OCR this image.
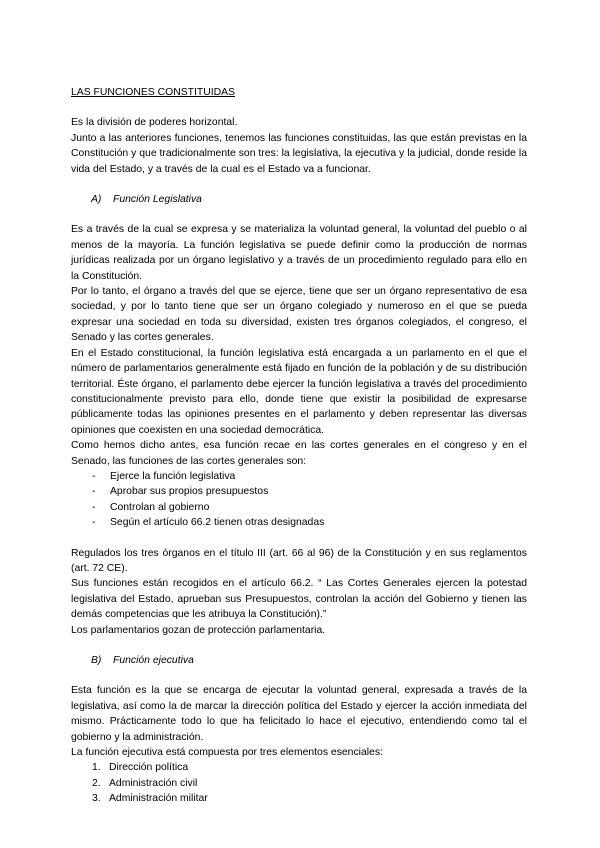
LAS FUNCIONES CONSTITUIDAS

Es la división de poderes horizontal.

Junto a las anteriores funciones, tenemos las funciones constituidas, las que están previstas en la Constitución y que tradicionalmente son tres: la legislativa, la ejecutiva y la judicial, donde reside la vida del Estado, y a través de la cual es el Estado va a funcionar.

A) Función Legislativa

Es a través de la cual se expresa y se materializa la voluntad general, la voluntad del pueblo o al menos de la mayoría. La función legislativa se puede definir como la producción de normas jurídicas realizada por un órgano legislativo y a través de un procedimiento regulado para ello en la Constitución.

Por lo tanto, el órgano a través del que se ejerce, tiene que ser un órgano representativo de esa sociedad, y por lo tanto tiene que ser un órgano colegiado y numeroso en el que se pueda expresar una sociedad en toda su diversidad, existen tres órganos colegiados, el congreso, el Senado y las cortes generales.

En el Estado constitucional, la función legislativa está encargada a un parlamento en el que el número de parlamentarios generalmente está fijado en función de la población y de su distribución territorial. Éste órgano, el parlamento debe ejercer la función legislativa a través del procedimiento constitucionalmente previsto para ello, donde tiene que existir la posibilidad de expresarse públicamente todas las opiniones presentes en el parlamento y deben representar las diversas opiniones que coexisten en una sociedad democrática.

Como hemos dicho antes, esa función recae en las cortes generales en el congreso y en el Senado, las funciones de las cortes generales son:

- Ejerce la función legislativa
- Aprobar sus propios presupuestos
- Controlan al gobierno
- Según el artículo 66.2 tienen otras designadas

Regulados los tres órganos en el título III (art. 66 al 96) de la Constitución y en sus reglamentos (art. 72 CE).

Sus funciones están recogidos en el artículo 66.2. “ Las Cortes Generales ejercen la potestad legislativa del Estado, aprueban sus Presupuestos, controlan la acción del Gobierno y tienen las demás competencias que les atribuya la Constitución).”

Los parlamentarios gozan de protección parlamentaria.

B) Función ejecutiva

Esta función es la que se encarga de ejecutar la voluntad general, expresada a través de la legislativa, así como la de marcar la dirección política del Estado y ejercer la acción inmediata del mismo. Prácticamente todo lo que ha felicitado lo hace el ejecutivo, entendiendo como tal el gobierno y la administración.

La función ejecutiva está compuesta por tres elementos esenciales:

1. Dirección política
2. Administración civil
3. Administración militar
